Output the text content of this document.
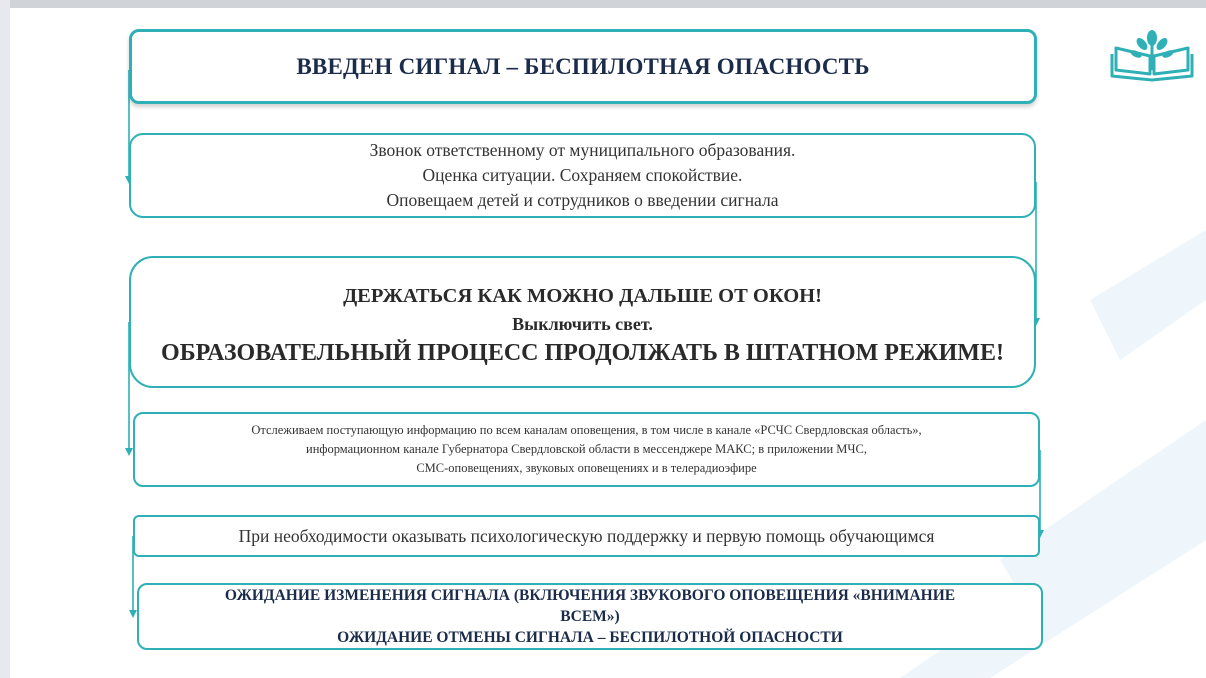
ВВЕДЕН СИГНАЛ – БЕСПИЛОТНАЯ ОПАСНОСТЬ
Звонок ответственному от муниципального образования.
Оценка ситуации. Сохраняем спокойствие.
Оповещаем детей и сотрудников о введении сигнала
ДЕРЖАТЬСЯ КАК МОЖНО ДАЛЬШЕ ОТ ОКОН!
Выключить свет.
ОБРАЗОВАТЕЛЬНЫЙ ПРОЦЕСС ПРОДОЛЖАТЬ В ШТАТНОМ РЕЖИМЕ!
Отслеживаем поступающую информацию по всем каналам оповещения, в том числе в канале «РСЧС Свердловская область»,
информационном канале Губернатора Свердловской области в мессенджере МАКС; в приложении МЧС,
СМС-оповещениях, звуковых оповещениях и в телерадиоэфире
При необходимости оказывать психологическую поддержку и первую помощь обучающимся
ОЖИДАНИЕ ИЗМЕНЕНИЯ СИГНАЛА (ВКЛЮЧЕНИЯ ЗВУКОВОГО ОПОВЕЩЕНИЯ «ВНИМАНИЕ
ВСЕМ»)
ОЖИДАНИЕ ОТМЕНЫ СИГНАЛА – БЕСПИЛОТНОЙ ОПАСНОСТИ
